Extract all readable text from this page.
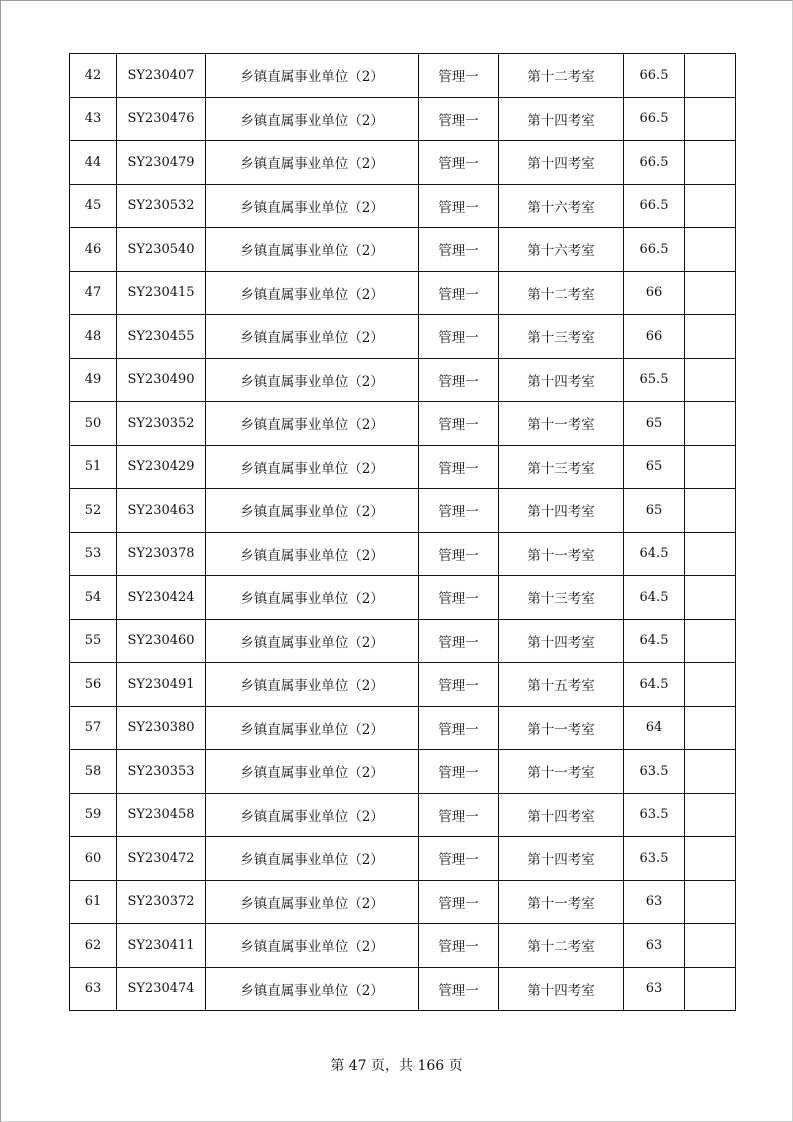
42	SY230407	乡镇直属事业单位（2）	管理一	第十二考室	66.5	
43	SY230476	乡镇直属事业单位（2）	管理一	第十四考室	66.5	
44	SY230479	乡镇直属事业单位（2）	管理一	第十四考室	66.5	
45	SY230532	乡镇直属事业单位（2）	管理一	第十六考室	66.5	
46	SY230540	乡镇直属事业单位（2）	管理一	第十六考室	66.5	
47	SY230415	乡镇直属事业单位（2）	管理一	第十二考室	66	
48	SY230455	乡镇直属事业单位（2）	管理一	第十三考室	66	
49	SY230490	乡镇直属事业单位（2）	管理一	第十四考室	65.5	
50	SY230352	乡镇直属事业单位（2）	管理一	第十一考室	65	
51	SY230429	乡镇直属事业单位（2）	管理一	第十三考室	65	
52	SY230463	乡镇直属事业单位（2）	管理一	第十四考室	65	
53	SY230378	乡镇直属事业单位（2）	管理一	第十一考室	64.5	
54	SY230424	乡镇直属事业单位（2）	管理一	第十三考室	64.5	
55	SY230460	乡镇直属事业单位（2）	管理一	第十四考室	64.5	
56	SY230491	乡镇直属事业单位（2）	管理一	第十五考室	64.5	
57	SY230380	乡镇直属事业单位（2）	管理一	第十一考室	64	
58	SY230353	乡镇直属事业单位（2）	管理一	第十一考室	63.5	
59	SY230458	乡镇直属事业单位（2）	管理一	第十四考室	63.5	
60	SY230472	乡镇直属事业单位（2）	管理一	第十四考室	63.5	
61	SY230372	乡镇直属事业单位（2）	管理一	第十一考室	63	
62	SY230411	乡镇直属事业单位（2）	管理一	第十二考室	63	
63	SY230474	乡镇直属事业单位（2）	管理一	第十四考室	63	
第 47 页，共 166 页
